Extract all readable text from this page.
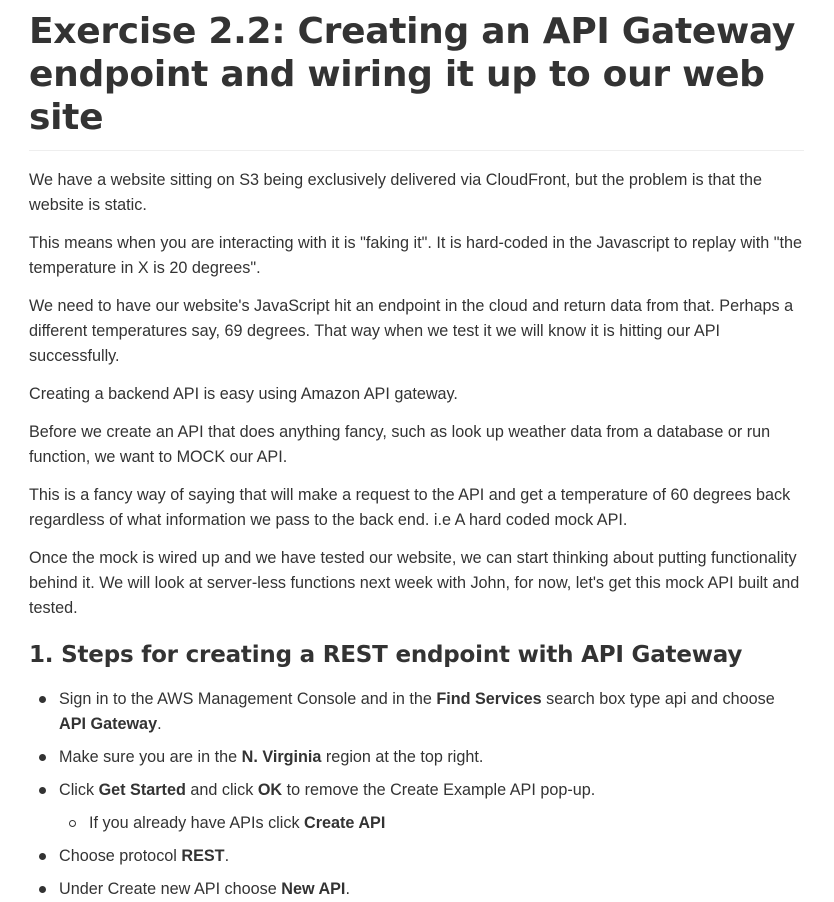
Exercise 2.2: Creating an API Gateway endpoint and wiring it up to our web site

We have a website sitting on S3 being exclusively delivered via CloudFront, but the problem is that the website is static.

This means when you are interacting with it is "faking it". It is hard-coded in the Javascript to replay with "the temperature in X is 20 degrees".

We need to have our website's JavaScript hit an endpoint in the cloud and return data from that. Perhaps a different temperatures say, 69 degrees. That way when we test it we will know it is hitting our API successfully.

Creating a backend API is easy using Amazon API gateway.

Before we create an API that does anything fancy, such as look up weather data from a database or run function, we want to MOCK our API.

This is a fancy way of saying that will make a request to the API and get a temperature of 60 degrees back regardless of what information we pass to the back end. i.e A hard coded mock API.

Once the mock is wired up and we have tested our website, we can start thinking about putting functionality behind it. We will look at server-less functions next week with John, for now, let's get this mock API built and tested.

1. Steps for creating a REST endpoint with API Gateway
Sign in to the AWS Management Console and in the Find Services search box type api and choose API Gateway.
Make sure you are in the N. Virginia region at the top right.
Click Get Started and click OK to remove the Create Example API pop-up.
If you already have APIs click Create API
Choose protocol REST.
Under Create new API choose New API.
